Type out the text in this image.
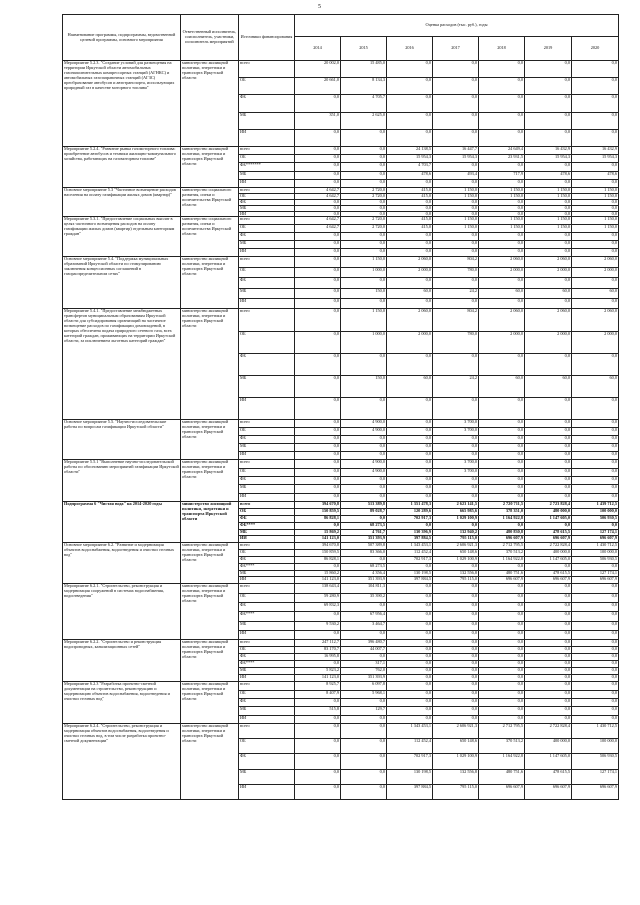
5
Наименование программы, подпрограммы, ведомственной целевой программы, основного мероприятия	Ответственный исполнитель, соисполнитель, участники, исполнитель мероприятий	Источники финансирования	Оценка расходов (тыс. руб.), годы						
			2014	2015	2016	2017	2018	2019	2020
Мероприятие 5.2.3. "Создание условий для размещения на территории Иркутской области автомобильных газонаполнительных компрессорных станций (АГНКС) и автомобильных газозаправочных станций (АГЗС) преобразование автобусов и автотранспорта, использующих природный газ в качестве моторного топлива"	министерство жилищной политики, энергетики и транспорта Иркутской области	всего	20 002,0	15 485,0	0,0	0,0	0,0	0,0	0,0
		ОБ	20 661,0	8 134,3	0,0	0,0	0,0	0,0	0,0
		ФБ	0,0	4 705,7	0,0	0,0	0,0	0,0	0,0
		МБ	351,0	2 625,0	0,0	0,0	0,0	0,0	0,0
		ИИ	0,0	0,0	0,0	0,0	0,0	0,0	0,0
Мероприятие 5.2.4. "Развитие рынка газомоторного топлива: приобретение автобусов и техники жилищно-коммунального хозяйства, работающих на газомоторном топливе"	министерство жилищной политики, энергетики и транспорта Иркутской области	всего	0,0	0,0	24 138,5	16 447,7	24 649,4	16 432,9	16 432,9
		ОБ	0,0	0,0	15 954,3	15 954,3	23 931,5	15 954,3	15 954,3
		ФБ*******	0,0	0,0	4 703,7	0,0	0,0	0,0	0,0
		МБ	0,0	0,0	478,6	493,4	717,9	478,6	478,6
		ИИ	0,0	0,0	0,0	0,0	0,0	0,0	0,0
Основное мероприятие 5.3 "Частичное возмещение расходов населения на оплату газификации жилых домов (квартир)"	министерство социального развития, опеки и попечительства Иркутской области	всего	4 642,7	2 720,0	415,0	1 150,0	1 150,0	1 150,0	1 150,0
		ОБ	4 642,7	2 720,0	415,0	1 150,0	1 150,0	1 150,0	1 150,0
		ФБ	0,0	0,0	0,0	0,0	0,0	0,0	0,0
		МБ	0,0	0,0	0,0	0,0	0,0	0,0	0,0
		ИИ	0,0	0,0	0,0	0,0	0,0	0,0	0,0
Мероприятие 5.3.1. "Предоставление социальных выплат в целях частичного возмещения расходов на оплату газификации жилых домов (квартир) отдельным категориям граждан"	министерство социального развития, опеки и попечительства Иркутской области	всего	4 642,7	2 720,0	415,0	1 150,0	1 150,0	1 150,0	1 150,0
		ОБ	4 642,7	2 720,0	415,0	1 150,0	1 150,0	1 150,0	1 150,0
		ФБ	0,0	0,0	0,0	0,0	0,0	0,0	0,0
		МБ	0,0	0,0	0,0	0,0	0,0	0,0	0,0
		ИИ	0,0	0,0	0,0	0,0	0,0	0,0	0,0
Основное мероприятие 5.4. "Поддержка муниципальных образований Иркутской области по стимулированию заключения концессионных соглашений в газораспределительном сетях"	министерство жилищной политики, энергетики и транспорта Иркутской области	всего	0,0	1 150,0	2 060,0	804,2	2 060,0	2 060,0	2 060,0
		ОБ	0,0	1 000,0	2 000,0	780,0	2 000,0	2 000,0	2 000,0
		ФБ	0,0	0,0	0,0	0,0	0,0	0,0	0,0
		МБ	0,0	150,0	60,0	24,2	60,0	60,0	60,0
		ИИ	0,0	0,0	0,0	0,0	0,0	0,0	0,0
Мероприятие 5.4.1. "Предоставление межбюджетных трансфертов муниципальным образованиям Иркутской области для субсидирования организаций на частичное возмещение расходов по газификации домовладений, в которых обеспечена подача природного сетевого газа, всех категорий граждан, проживающих на территории Иркутской области, за исключением льготных категорий граждан"	министерство жилищной политики, энергетики и транспорта Иркутской области	всего	0,0	1 150,0	2 060,0	804,2	2 060,0	2 060,0	2 060,0
		ОБ	0,0	1 000,0	2 000,0	780,0	2 000,0	2 000,0	2 000,0
		ФБ	0,0	0,0	0,0	0,0	0,0	0,0	0,0
		МБ	0,0	150,0	60,0	24,2	60,0	60,0	60,0
		ИИ	0,0	0,0	0,0	0,0	0,0	0,0	0,0
Основное мероприятие 5.5. "Научно-исследовательские работы по вопросам газификации Иркутской области"	министерство жилищной политики, энергетики и транспорта Иркутской области	всего	0,0	4 900,0	0,0	3 700,0	0,0	0,0	0,0
		ОБ	0,0	4 900,0	0,0	3 700,0	0,0	0,0	0,0
		ФБ	0,0	0,0	0,0	0,0	0,0	0,0	0,0
		МБ	0,0	0,0	0,0	0,0	0,0	0,0	0,0
		ИИ	0,0	0,0	0,0	0,0	0,0	0,0	0,0
Мероприятие 5.5.1 "Выполнение научно-исследовательской работы по обоснованию мероприятий газификации Иркутской области"	министерство жилищной политики, энергетики и транспорта Иркутской области	всего	0,0	4 900,0	0,0	3 700,0	0,0	0,0	0,0
		ОБ	0,0	4 900,0	0,0	3 700,0	0,0	0,0	0,0
		ФБ	0,0	0,0	0,0	0,0	0,0	0,0	0,0
		МБ	0,0	0,0	0,0	0,0	0,0	0,0	0,0
		ИИ	0,0	0,0	0,0	0,0	0,0	0,0	0,0
Подпрограмма 6 "Чистая вода" на 2014-2020 годы	министерство жилищной политики, энергетики и транспорта Иркутской области	всего	394 670,8	513 389,8	1 351 478,3	2 623 141,5	2 720 711,5	2 723 828,4	1 439 712,5
		ОБ	150 859,5	89 028,7	120 289,6	665 985,6	378 351,0	480 000,0	100 000,0
		ФБ	86 828,1	0,0	702 917,3	1 029 100,9	1 164 922,8	1 147 605,0	506 930,5
		ФБ****	0,0	68 273,5	0,0	0,0	0,0	0,0	0,0
		МБ	15 869,2	4 761,7	130 396,9	132 940,2	480 830,8	478 615,5	127 174,1
		ИИ	141 123,0	351 393,9	397 884,5	795 115,0	696 607,9	696 607,9	696 607,9
Основное мероприятие 6.2. "Развитие и модернизация объектов водоснабжения, водоотведения и очистки сточных вод"	министерство жилищной политики, энергетики и транспорта Иркутской области	всего	394 670,8	507 389,8	1 343 453,1	2 606 921,3	2 712 795,5	2 722 828,4	1 430 712,5
		ОБ	150 859,5	83 366,0	112 452,4	650 148,6	370 513,2	400 000,0	100 000,0
		ФБ	86 828,1	0,0	702 917,3	1 029 100,9	1 164 922,8	1 147 605,0	506 930,5
		ФБ****	0,0	68 273,5	0,0	0,0	0,0	0,0	0,0
		МБ	15 860,2	4 356,4	130 198,5	132 556,8	480 751,6	478 615,5	127 174,1
		ИИ	141 123,0	351 393,9	397 884,5	795 115,0	696 607,9	696 607,9	696 607,9
Мероприятие 6.2.1. "Строительство, реконструкция и модернизация сооружений в системах водоснабжения, водоотведения"	министерство жилищной политики, энергетики и транспорта Иркутской области	всего	138 643,4	104 811,3	0,0	0,0	0,0	0,0	0,0
		ОБ	59 280,9	35 390,2	0,0	0,0	0,0	0,0	0,0
		ФБ	69 832,3	0,0	0,0	0,0	0,0	0,0	0,0
		ФБ****	0,0	67 956,4	0,0	0,0	0,0	0,0	0,0
		МБ	9 530,2	3 464,7	0,0	0,0	0,0	0,0	0,0
		ИИ	0,0	0,0	0,0	0,0	0,0	0,0	0,0
Мероприятие 6.2.2. "Строительство и реконструкция водопроводных, канализационных сетей"	министерство жилищной политики, энергетики и транспорта Иркутской области	всего	247 112,7	396 480,7	0,0	0,0	0,0	0,0	0,0
		ОБ	83 170,7	44 007,7	0,0	0,0	0,0	0,0	0,0
		ФБ	16 995,8	0,0	0,0	0,0	0,0	0,0	0,0
		ФБ****	0,0	317,1	0,0	0,0	0,0	0,0	0,0
		МБ	5 823,2	762,0	0,0	0,0	0,0	0,0	0,0
		ИИ	141 123,0	351 393,9	0,0	0,0	0,0	0,0	0,0
Мероприятие 6.2.3 "Разработка проектно-сметной документации на строительство, реконструкцию и модернизацию объектов водоснабжения, водоотведения и очистки сточных вод"	министерство жилищной политики, энергетики и транспорта Иркутской области	всего	8 925,7	6 097,8	0,0	0,0	0,0	0,0	0,0
		ОБ	8 407,9	5 968,1	0,0	0,0	0,0	0,0	0,0
		ФБ	0,0	0,0	0,0	0,0	0,0	0,0	0,0
		МБ	515,8	129,7	0,0	0,0	0,0	0,0	0,0
		ИИ	0,0	0,0	0,0	0,0	0,0	0,0	0,0
Мероприятие 6.2.4. "Строительство, реконструкция и модернизация объектов водоснабжения, водоотведения и очистки сточных вод, в том числе разработка проектно-сметной документации"	министерство жилищной политики, энергетики и транспорта Иркутской области	всего	0,0	0,0	1 343 453,1	2 606 921,3	2 712 795,5	2 722 828,4	1 430 712,5
		ОБ	0,0	0,0	112 452,4	650 148,6	370 513,2	400 000,0	100 000,0
		ФБ	0,0	0,0	702 917,3	1 029 100,9	1 164 922,8	1 147 605,0	506 930,5
		МБ	0,0	0,0	130 198,5	132 556,8	480 751,6	478 615,5	127 174,1
		ИИ	0,0	0,0	397 884,5	795 115,0	696 607,9	696 607,9	696 607,9
